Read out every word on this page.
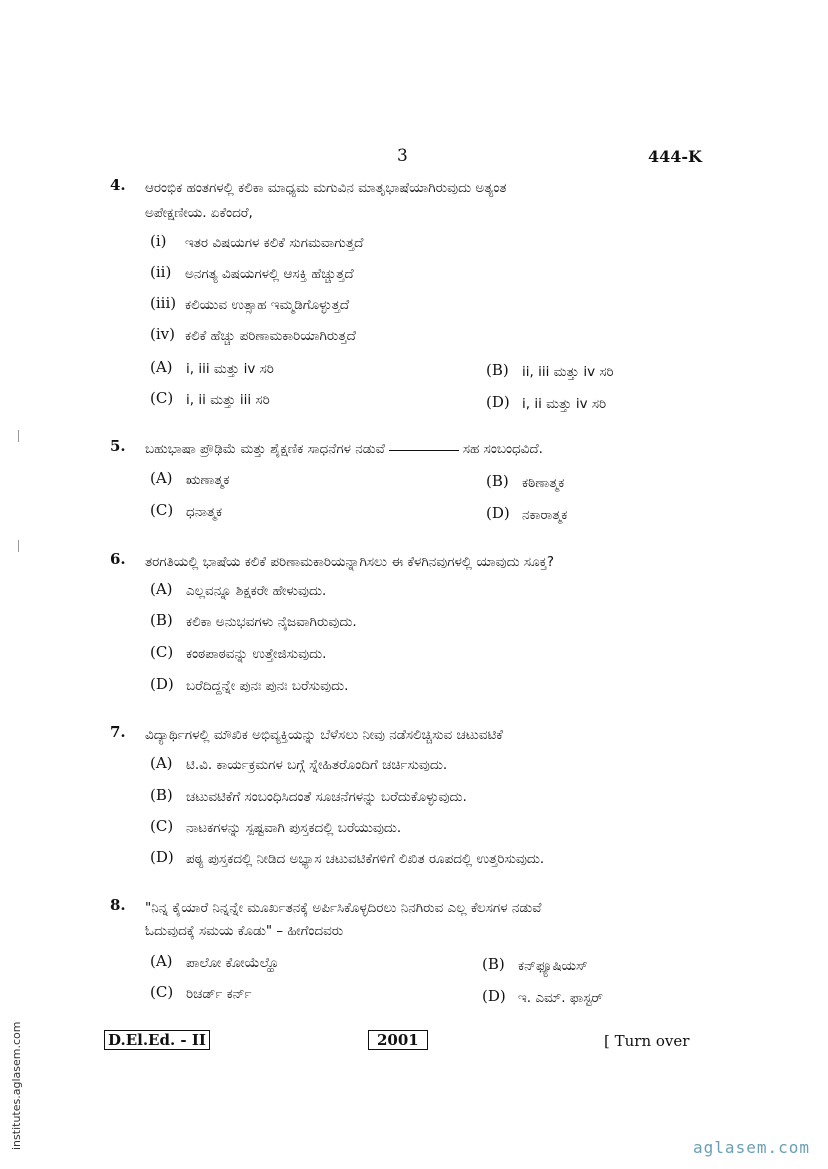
3	444-K
4. ಆರಂಭಿಕ ಹಂತಗಳಲ್ಲಿ ಕಲಿಕಾ ಮಾಧ್ಯಮ ಮಗುವಿನ ಮಾತೃಭಾಷೆಯಾಗಿರುವುದು ಅತ್ಯಂತ
ಅಪೇಕ್ಷಣೀಯ. ಏಕೆಂದರೆ,
(i) ಇತರ ವಿಷಯಗಳ ಕಲಿಕೆ ಸುಗಮವಾಗುತ್ತದೆ
(ii) ಅನಗತ್ಯ ವಿಷಯಗಳಲ್ಲಿ ಆಸಕ್ತಿ ಹೆಚ್ಚುತ್ತದೆ
(iii) ಕಲಿಯುವ ಉತ್ಸಾಹ ಇಮ್ಮಡಿಗೊಳ್ಳುತ್ತದೆ
(iv) ಕಲಿಕೆ ಹೆಚ್ಚು ಪರಿಣಾಮಕಾರಿಯಾಗಿರುತ್ತದೆ
(A) i, iii ಮತ್ತು iv ಸರಿ	(B) ii, iii ಮತ್ತು iv ಸರಿ
(C) i, ii ಮತ್ತು iii ಸರಿ	(D) i, ii ಮತ್ತು iv ಸರಿ
5. ಬಹುಭಾಷಾ ಪ್ರೌಢಿಮೆ ಮತ್ತು ಶೈಕ್ಷಣಿಕ ಸಾಧನೆಗಳ ನಡುವೆ	ಸಹ ಸಂಬಂಧವಿದೆ.
(A) ಋಣಾತ್ಮಕ	(B) ಕಠಿಣಾತ್ಮಕ
(C) ಧನಾತ್ಮಕ	(D) ನಕಾರಾತ್ಮಕ
6. ತರಗತಿಯಲ್ಲಿ ಭಾಷೆಯ ಕಲಿಕೆ ಪರಿಣಾಮಕಾರಿಯನ್ನಾಗಿಸಲು ಈ ಕೆಳಗಿನವುಗಳಲ್ಲಿ ಯಾವುದು ಸೂಕ್ತ?
(A) ಎಲ್ಲವನ್ನೂ ಶಿಕ್ಷಕರೇ ಹೇಳುವುದು.
(B) ಕಲಿಕಾ ಅನುಭವಗಳು ನೈಜವಾಗಿರುವುದು.
(C) ಕಂಠಪಾಠವನ್ನು ಉತ್ತೇಜಿಸುವುದು.
(D) ಬರೆದಿದ್ದನ್ನೇ ಪುನಃ ಪುನಃ ಬರೆಸುವುದು.
7. ವಿದ್ಯಾರ್ಥಿಗಳಲ್ಲಿ ಮೌಖಿಕ ಅಭಿವ್ಯಕ್ತಿಯನ್ನು ಬೆಳೆಸಲು ನೀವು ನಡೆಸಲಿಚ್ಚಿಸುವ ಚಟುವಟಿಕೆ
(A) ಟಿ.ವಿ. ಕಾರ್ಯಕ್ರಮಗಳ ಬಗ್ಗೆ ಸ್ನೇಹಿತರೊಂದಿಗೆ ಚರ್ಚಿಸುವುದು.
(B) ಚಟುವಟಿಕೆಗೆ ಸಂಬಂಧಿಸಿದಂತೆ ಸೂಚನೆಗಳನ್ನು ಬರೆದುಕೊಳ್ಳುವುದು.
(C) ನಾಟಕಗಳನ್ನು ಸ್ಪಷ್ಟವಾಗಿ ಪುಸ್ತಕದಲ್ಲಿ ಬರೆಯುವುದು.
(D) ಪಠ್ಯ ಪುಸ್ತಕದಲ್ಲಿ ನೀಡಿದ ಅಭ್ಯಾಸ ಚಟುವಟಿಕೆಗಳಿಗೆ ಲಿಖಿತ ರೂಪದಲ್ಲಿ ಉತ್ತರಿಸುವುದು.
8. "ನಿನ್ನ ಕೈಯಾರೆ ನಿನ್ನನ್ನೇ ಮೂರ್ಖತನಕ್ಕೆ ಅರ್ಪಿಸಿಕೊಳ್ಳದಿರಲು ನಿನಗಿರುವ ಎಲ್ಲ ಕೆಲಸಗಳ ನಡುವೆ
ಓದುವುದಕ್ಕೆ ಸಮಯ ಕೊಡು" – ಹೀಗೆಂದವರು
(A) ಪಾಲೋ ಕೋಯೆಲ್ಹೊ	(B) ಕನ್‌ಫ್ಯೂಷಿಯಸ್
(C) ರಿಚರ್ಡ್ ಕರ್ನ್	(D) ಇ. ಎಮ್. ಫಾಸ್ಟರ್
D.El.Ed. - II	2001	[ Turn over
institutes.aglasem.com	aglasem.com
